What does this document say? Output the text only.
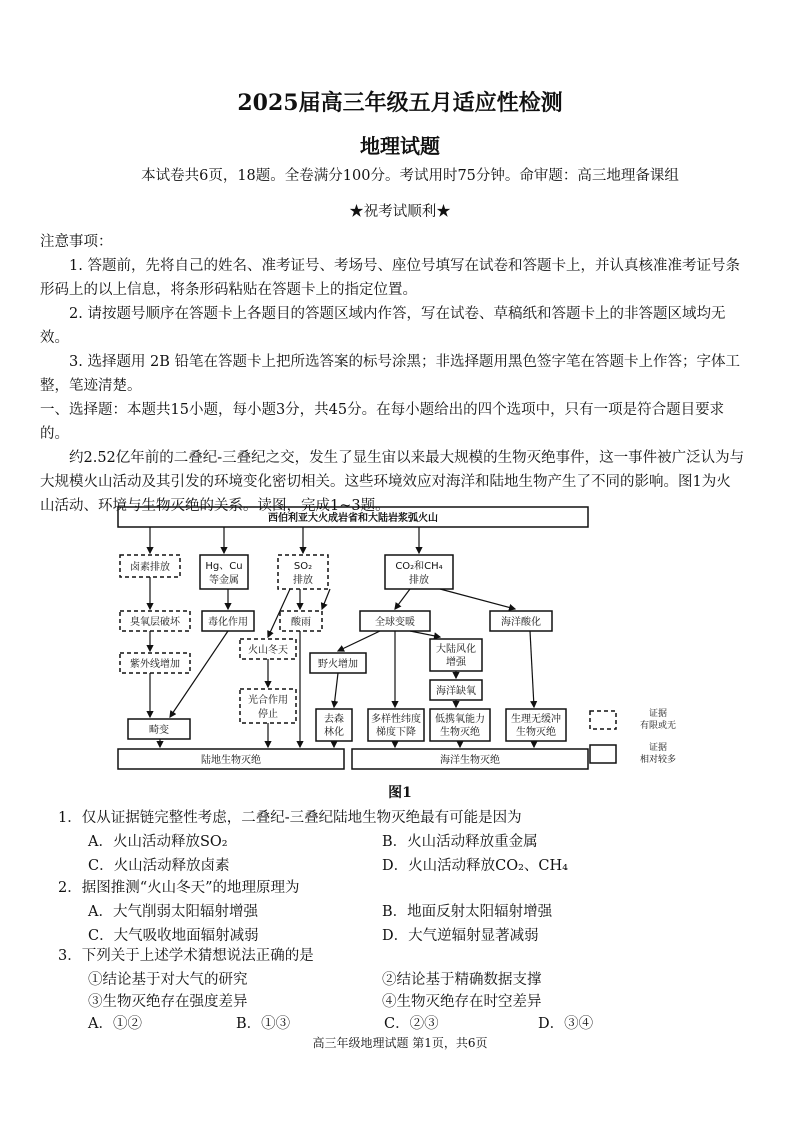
2025届高三年级五月适应性检测
地理试题
本试卷共6页，18题。全卷满分100分。考试用时75分钟。命审题：高三地理备课组
★祝考试顺利★
注意事项：
1. 答题前，先将自己的姓名、准考证号、考场号、座位号填写在试卷和答题卡上，并认真核准准考证号条形码上的以上信息，将条形码粘贴在答题卡上的指定位置。
2. 请按题号顺序在答题卡上各题目的答题区域内作答，写在试卷、草稿纸和答题卡上的非答题区域均无效。
3. 选择题用 2B 铅笔在答题卡上把所选答案的标号涂黑；非选择题用黑色签字笔在答题卡上作答；字体工整，笔迹清楚。
一、选择题：本题共15小题，每小题3分，共45分。在每小题给出的四个选项中，只有一项是符合题目要求的。
约2.52亿年前的二叠纪-三叠纪之交，发生了显生宙以来最大规模的生物灭绝事件，这一事件被广泛认为与大规模火山活动及其引发的环境变化密切相关。这些环境效应对海洋和陆地生物产生了不同的影响。图1为火山活动、环境与生物灭绝的关系。读图，完成1~3题。
西伯利亚大火成岩省和大陆岩浆弧火山
卤素排放	Hg、Cu
等金属
SO₂
排放
CO₂和CH₄
排放
臭氧层破坏	毒化作用	酸雨	全球变暖	海洋酸化
火山冬天
紫外线增加	野火增加
大陆风化
增强
海洋缺氧
光合作用
停止
畸变
去森
林化
多样性纬度
梯度下降
低携氧能力
生物灭绝
生理无缓冲
生物灭绝
陆地生物灭绝	海洋生物灭绝
证据
有限或无
证据
相对较多
图1
1．仅从证据链完整性考虑，二叠纪-三叠纪陆地生物灭绝最有可能是因为
A．火山活动释放SO₂	B．火山活动释放重金属
C．火山活动释放卤素	D．火山活动释放CO₂、CH₄
2．据图推测“火山冬天”的地理原理为
A．大气削弱太阳辐射增强	B．地面反射太阳辐射增强
C．大气吸收地面辐射减弱	D．大气逆辐射显著减弱
3．下列关于上述学术猜想说法正确的是
①结论基于对大气的研究	②结论基于精确数据支撑
③生物灭绝存在强度差异	④生物灭绝存在时空差异
A．①②	B．①③	C．②③	D．③④
高三年级地理试题 第1页，共6页
